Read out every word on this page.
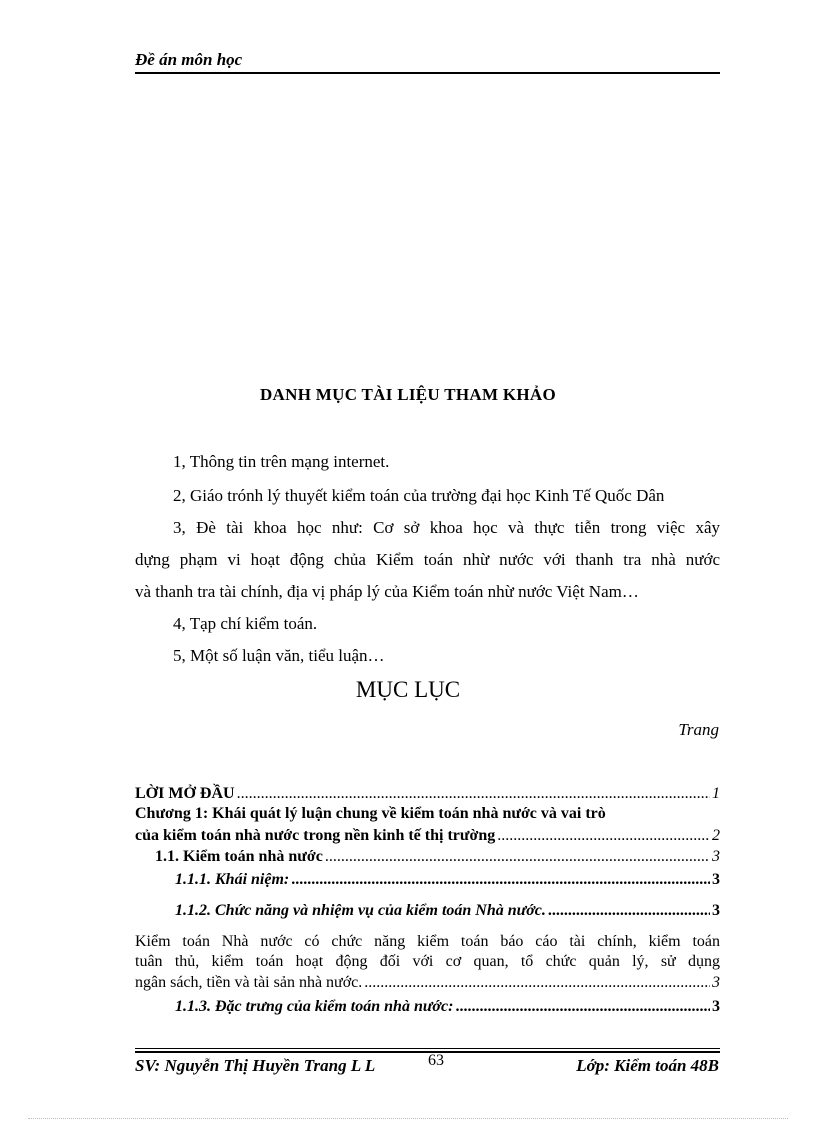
Đề án môn học
DANH MỤC TÀI LIỆU THAM KHẢO
1, Thông tin trên mạng internet.
2, Giáo trónh lý thuyết kiểm toán của trường đại học Kinh Tế Quốc Dân
3, Đè tài khoa học như: Cơ sở khoa học và thực tiễn trong việc xây
dựng phạm vi hoạt động chủa Kiểm toán nhừ nước với thanh tra nhà nước
và thanh tra tài chính, địa vị pháp lý của Kiểm toán nhừ nước Việt Nam…
4, Tạp chí kiểm toán.
5, Một số luận văn, tiểu luận…
MỤC LỤC
Trang
LỜI MỞ ĐẦU .....	1
Chương 1: Khái quát lý luận chung về kiểm toán nhà nước và vai trò
của kiểm toán nhà nước trong nền kinh tế thị trường .....	2
1.1. Kiểm toán nhà nước .....	3
1.1.1. Khái niệm: .....	3
1.1.2. Chức năng và nhiệm vụ của kiểm toán Nhà nước. .....	3
Kiểm toán Nhà nước có chức năng kiểm toán báo cáo tài chính, kiểm toán
tuân thủ, kiểm toán hoạt động đối với cơ quan, tổ chức quản lý, sử dụng
ngân sách, tiền và tài sản nhà nước. .....	3
1.1.3. Đặc trưng của kiểm toán nhà nước: .....	3
SV: Nguyễn Thị Huyền Trang L L	63	Lớp: Kiểm toán 48B
